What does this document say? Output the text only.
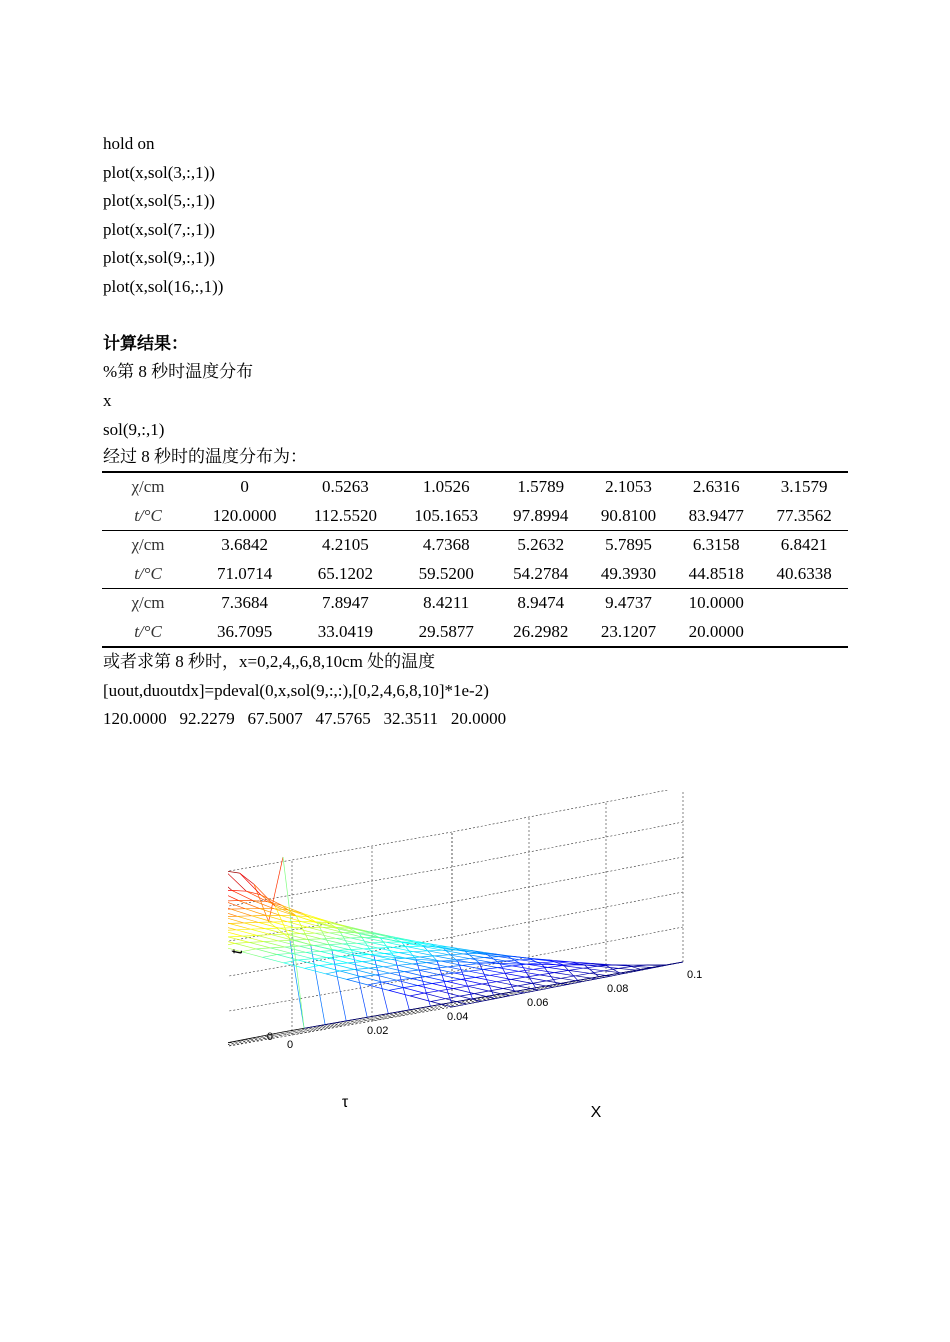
hold on
plot(x,sol(3,:,1))
plot(x,sol(5,:,1))
plot(x,sol(7,:,1))
plot(x,sol(9,:,1))
plot(x,sol(16,:,1))
计算结果：
%第 8 秒时温度分布
x
sol(9,:,1)
经过 8 秒时的温度分布为：
χ/cm	0	0.5263	1.0526	1.5789	2.1053	2.6316	3.1579
t/°C	120.0000	112.5520	105.1653	97.8994	90.8100	83.9477	77.3562
χ/cm	3.6842	4.2105	4.7368	5.2632	5.7895	6.3158	6.8421
t/°C	71.0714	65.1202	59.5200	54.2784	49.3930	44.8518	40.6338
χ/cm	7.3684	7.8947	8.4211	8.9474	9.4737	10.0000	
t/°C	36.7095	33.0419	29.5877	26.2982	23.1207	20.0000	
或者求第 8 秒时，x=0,2,4,,6,8,10cm 处的温度
[uout,duoutdx]=pdeval(0,x,sol(9,:,:),[0,2,4,6,8,10]*1e-2)
120.0000   92.2279   67.5007   47.5765   32.3511   20.0000
0
0
0.02
0.04
0.06
0.08
0.1
t
τ
X
